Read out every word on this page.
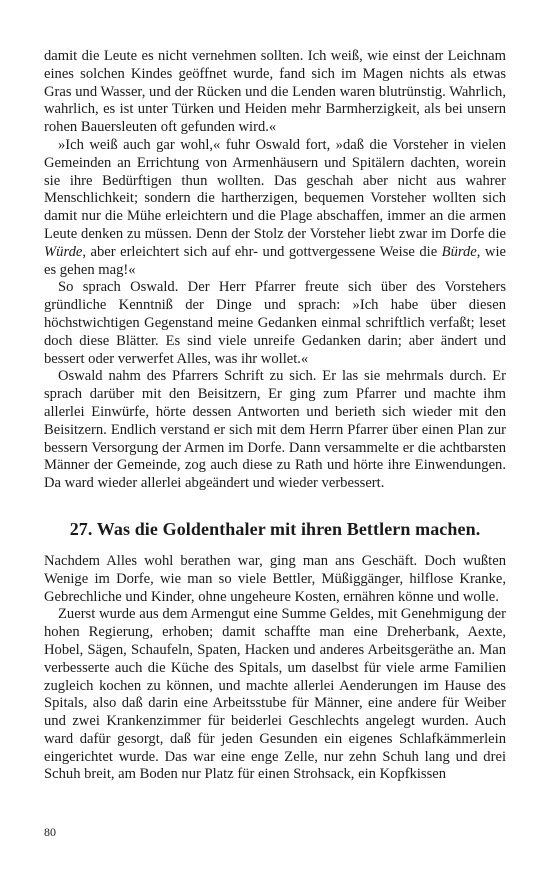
damit die Leute es nicht vernehmen sollten. Ich weiß, wie einst der Leichnam eines solchen Kindes geöffnet wurde, fand sich im Magen nichts als etwas Gras und Wasser, und der Rücken und die Lenden waren blutrünstig. Wahrlich, wahrlich, es ist unter Türken und Heiden mehr Barmherzigkeit, als bei unsern rohen Bauersleuten oft gefunden wird.«

»Ich weiß auch gar wohl,« fuhr Oswald fort, »daß die Vorsteher in vielen Gemeinden an Errichtung von Armenhäusern und Spitälern dachten, worein sie ihre Bedürftigen thun wollten. Das geschah aber nicht aus wahrer Menschlichkeit; sondern die hartherzigen, bequemen Vorsteher wollten sich damit nur die Mühe erleichtern und die Plage abschaffen, immer an die armen Leute denken zu müssen. Denn der Stolz der Vorsteher liebt zwar im Dorfe die Würde, aber erleichtert sich auf ehr- und gottvergessene Weise die Bürde, wie es gehen mag!«

So sprach Oswald. Der Herr Pfarrer freute sich über des Vorstehers gründliche Kenntniß der Dinge und sprach: »Ich habe über diesen höchstwichtigen Gegenstand meine Gedanken einmal schriftlich verfaßt; leset doch diese Blätter. Es sind viele unreife Gedanken darin; aber ändert und bessert oder verwerfet Alles, was ihr wollet.«

Oswald nahm des Pfarrers Schrift zu sich. Er las sie mehrmals durch. Er sprach darüber mit den Beisitzern, Er ging zum Pfarrer und machte ihm allerlei Einwürfe, hörte dessen Antworten und berieth sich wieder mit den Beisitzern. Endlich verstand er sich mit dem Herrn Pfarrer über einen Plan zur bessern Versorgung der Armen im Dorfe. Dann versammelte er die achtbarsten Männer der Gemeinde, zog auch diese zu Rath und hörte ihre Einwendungen. Da ward wieder allerlei abgeändert und wieder verbessert.

27. Was die Goldenthaler mit ihren Bettlern machen.

Nachdem Alles wohl berathen war, ging man ans Geschäft. Doch wußten Wenige im Dorfe, wie man so viele Bettler, Müßiggänger, hilflose Kranke, Gebrechliche und Kinder, ohne ungeheure Kosten, ernähren könne und wolle.

Zuerst wurde aus dem Armengut eine Summe Geldes, mit Genehmigung der hohen Regierung, erhoben; damit schaffte man eine Dreherbank, Aexte, Hobel, Sägen, Schaufeln, Spaten, Hacken und anderes Arbeitsgeräthe an. Man verbesserte auch die Küche des Spitals, um daselbst für viele arme Familien zugleich kochen zu können, und machte allerlei Aenderungen im Hause des Spitals, also daß darin eine Arbeitsstube für Männer, eine andere für Weiber und zwei Krankenzimmer für beiderlei Geschlechts angelegt wurden. Auch ward dafür gesorgt, daß für jeden Gesunden ein eigenes Schlafkämmerlein eingerichtet wurde. Das war eine enge Zelle, nur zehn Schuh lang und drei Schuh breit, am Boden nur Platz für einen Strohsack, ein Kopfkissen

80
